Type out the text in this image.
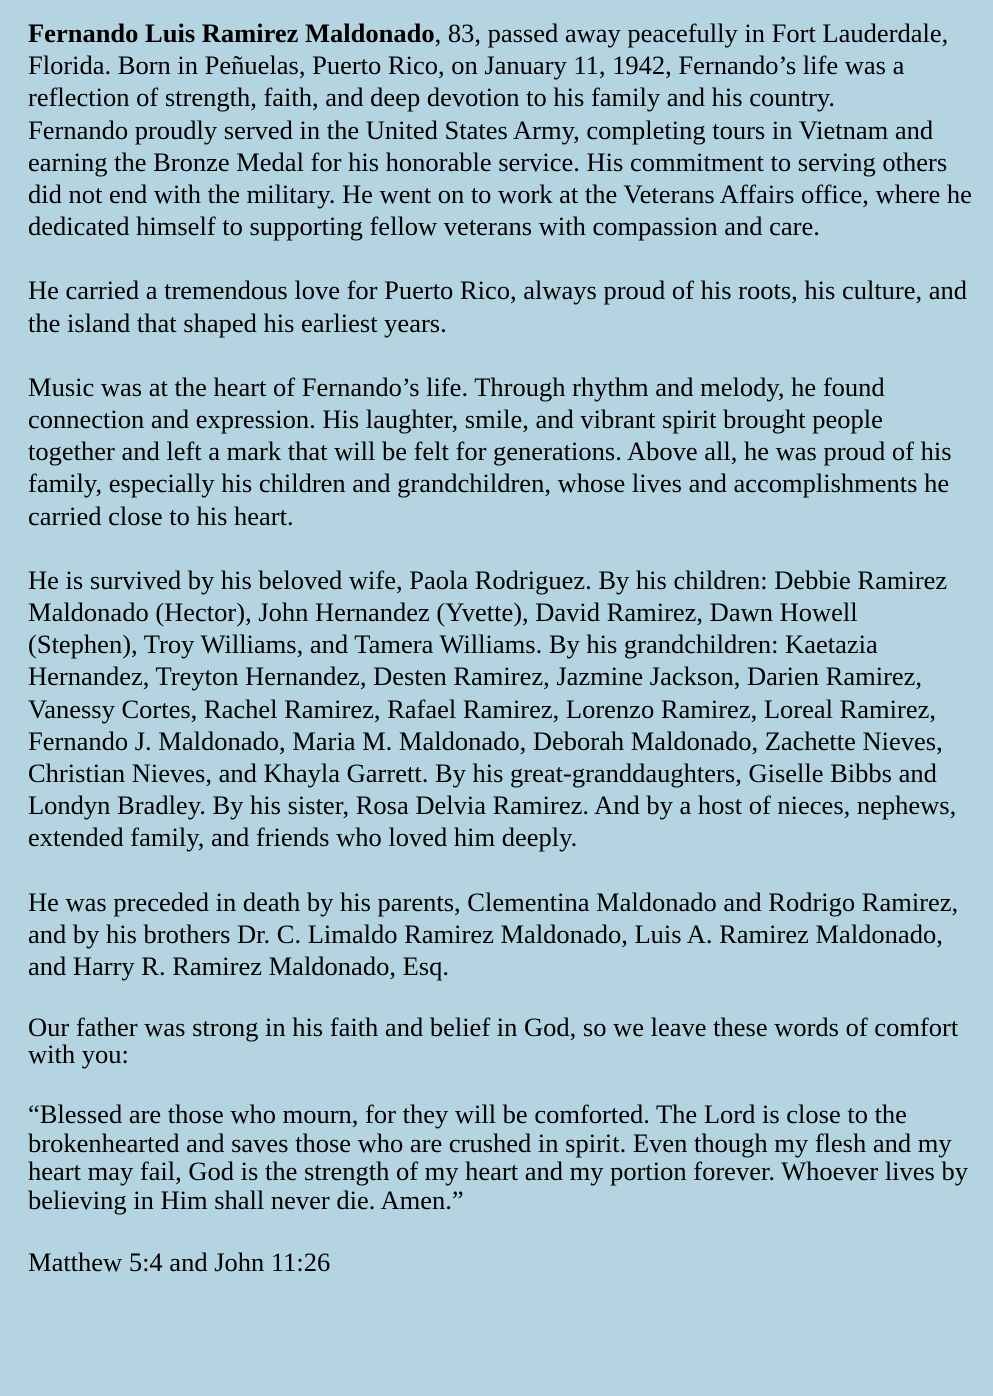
Fernando Luis Ramirez Maldonado, 83, passed away peacefully in Fort Lauderdale, Florida. Born in Peñuelas, Puerto Rico, on January 11, 1942, Fernando’s life was a reflection of strength, faith, and deep devotion to his family and his country.

Fernando proudly served in the United States Army, completing tours in Vietnam and earning the Bronze Medal for his honorable service. His commitment to serving others did not end with the military. He went on to work at the Veterans Affairs office, where he dedicated himself to supporting fellow veterans with compassion and care.

He carried a tremendous love for Puerto Rico, always proud of his roots, his culture, and the island that shaped his earliest years.

Music was at the heart of Fernando’s life. Through rhythm and melody, he found connection and expression. His laughter, smile, and vibrant spirit brought people together and left a mark that will be felt for generations. Above all, he was proud of his family, especially his children and grandchildren, whose lives and accomplishments he carried close to his heart.

He is survived by his beloved wife, Paola Rodriguez. By his children: Debbie Ramirez Maldonado (Hector), John Hernandez (Yvette), David Ramirez, Dawn Howell (Stephen), Troy Williams, and Tamera Williams. By his grandchildren: Kaetazia Hernandez, Treyton Hernandez, Desten Ramirez, Jazmine Jackson, Darien Ramirez, Vanessy Cortes, Rachel Ramirez, Rafael Ramirez, Lorenzo Ramirez, Loreal Ramirez, Fernando J. Maldonado, Maria M. Maldonado, Deborah Maldonado, Zachette Nieves, Christian Nieves, and Khayla Garrett. By his great-granddaughters, Giselle Bibbs and Londyn Bradley. By his sister, Rosa Delvia Ramirez. And by a host of nieces, nephews, extended family, and friends who loved him deeply.

He was preceded in death by his parents, Clementina Maldonado and Rodrigo Ramirez, and by his brothers Dr. C. Limaldo Ramirez Maldonado, Luis A. Ramirez Maldonado, and Harry R. Ramirez Maldonado, Esq.

Our father was strong in his faith and belief in God, so we leave these words of comfort with you:

“Blessed are those who mourn, for they will be comforted. The Lord is close to the brokenhearted and saves those who are crushed in spirit. Even though my flesh and my heart may fail, God is the strength of my heart and my portion forever. Whoever lives by believing in Him shall never die. Amen.”

Matthew 5:4 and John 11:26
